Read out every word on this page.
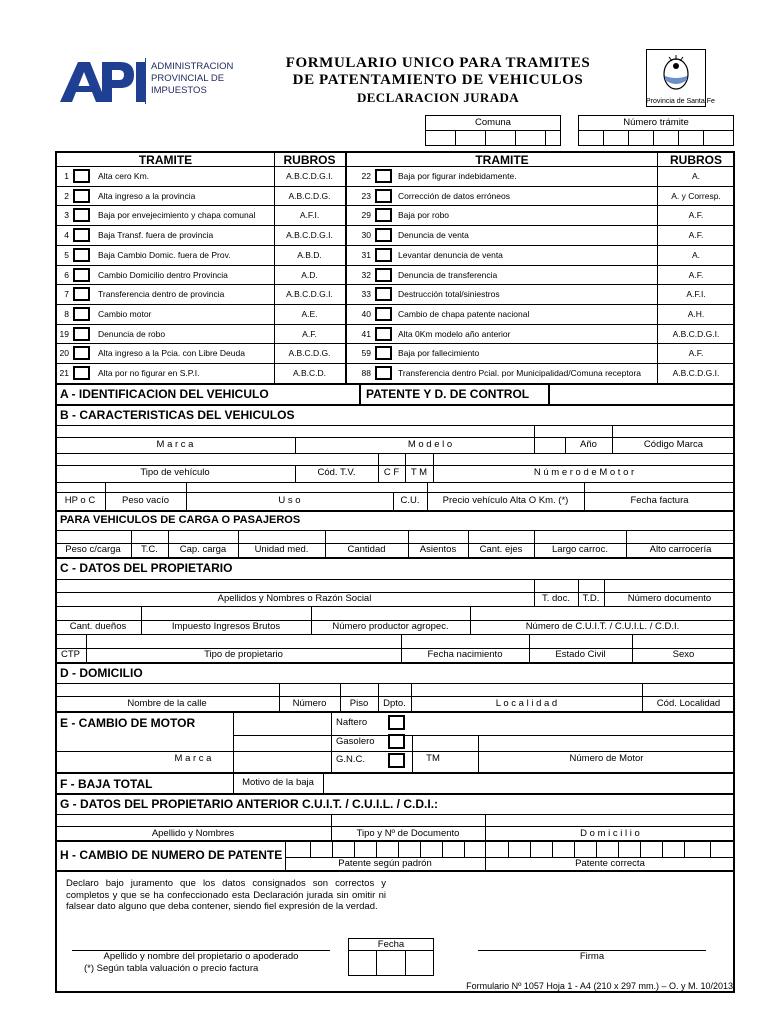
ADMINISTRACION
PROVINCIAL DE
IMPUESTOS
FORMULARIO UNICO PARA TRAMITES
DE PATENTAMIENTO DE VEHICULOS
DECLARACION JURADA	Provincia de Santa Fe
Comuna	Número trámite
TRAMITE	RUBROS	TRAMITE	RUBROS
1	Alta cero Km.	A.B.C.D.G.I.	22	Baja por figurar indebidamente.	A.
2	Alta ingreso a la provincia	A.B.C.D.G.	23	Corrección de datos erróneos	A. y Corresp.
3	Baja por envejecimiento y chapa comunal	A.F.I.	29	Baja por robo	A.F.
4	Baja Transf. fuera de provincia	A.B.C.D.G.I.	30	Denuncia de venta	A.F.
5	Baja Cambio Domic. fuera de Prov.	A.B.D.	31	Levantar denuncia de venta	A.
6	Cambio Domicilio dentro Provincia	A.D.	32	Denuncia de transferencia	A.F.
7	Transferencia dentro de provincia	A.B.C.D.G.I.	33	Destrucción total/siniestros	A.F.I.
8	Cambio motor	A.E.	40	Cambio de chapa patente nacional	A.H.
19	Denuncia de robo	A.F.	41	Alta 0Km modelo año anterior	A.B.C.D.G.I.
20	Alta ingreso a la Pcia. con Libre Deuda	A.B.C.D.G.	59	Baja por fallecimiento	A.F.
21	Alta por no figurar en S.P.I.	A.B.C.D.	88	Transferencia dentro Pcial. por Municipalidad/Comuna receptora	A.B.C.D.G.I.
A - IDENTIFICACION DEL VEHICULO	PATENTE Y D. DE CONTROL
B - CARACTERISTICAS DEL VEHICULOS
M a r c a	M o d e l o	Año	Código Marca
Tipo de vehículo	Cód. T.V.	C F	T M	N ú m e r o d e M o t o r
HP o C	Peso vacío	U s o	C.U.	Precio vehículo Alta O Km. (*)	Fecha factura
PARA VEHICULOS DE CARGA O PASAJEROS
Peso c/carga	T.C.	Cap. carga	Unidad med.	Cantidad	Asientos	Cant. ejes	Largo carroc.	Alto carrocería
C - DATOS DEL PROPIETARIO
Apellidos y Nombres o Razón Social	T. doc.	T.D.	Número documento
Cant. dueños	Impuesto Ingresos Brutos	Número productor agropec.	Número de C.U.I.T. / C.U.I.L. / C.D.I.
CTP	Tipo de propietario	Fecha nacimiento	Estado Civil	Sexo
D - DOMICILIO
Nombre de la calle	Número	Piso	Dpto.	L o c a l i d a d	Cód. Localidad
E - CAMBIO DE MOTOR	Naftero
Gasolero
G.N.C.
M a r c a	TM	Número de Motor
F - BAJA TOTAL	Motivo de la baja
G - DATOS DEL PROPIETARIO ANTERIOR C.U.I.T. / C.U.I.L. / C.D.I.:
Apellido y Nombres	Tipo y Nº de Documento	D o m i c i l i o
H - CAMBIO DE NUMERO DE PATENTE
Patente según padrón	Patente correcta
Declaro bajo juramento que los datos consignados son correctos y completos y que se ha confeccionado esta Declaración jurada sin omitir ni falsear dato alguno que deba contener, siendo fiel expresión de la verdad.
Fecha
Apellido y nombre del propietario o apoderado
(*) Según tabla valuación o precio factura
Firma
Formulario Nº 1057 Hoja 1 - A4 (210 x 297 mm.) – O. y M. 10/2013
